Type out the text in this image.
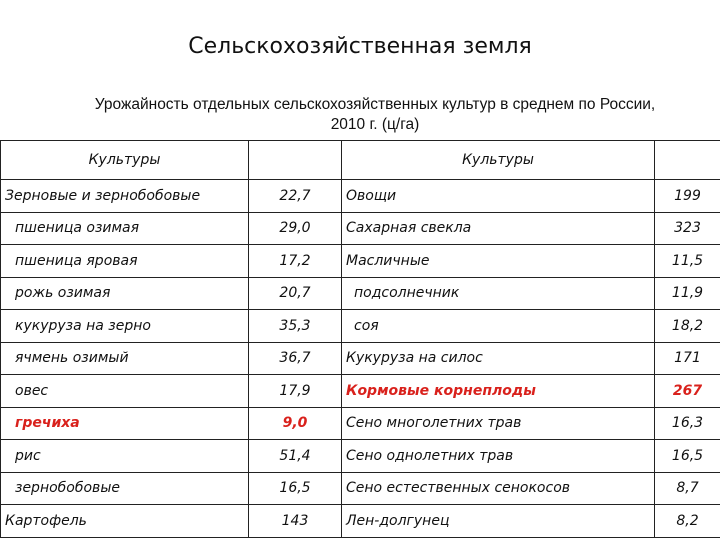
Сельскохозяйственная земля
Урожайность отдельных сельскохозяйственных культур в среднем по России,
2010 г. (ц/га)
Культуры		Культуры	
Зерновые и зернобобовые	22,7	Овощи	199
пшеница озимая	29,0	Сахарная свекла	323
пшеница яровая	17,2	Масличные	11,5
рожь озимая	20,7	подсолнечник	11,9
кукуруза на зерно	35,3	соя	18,2
ячмень озимый	36,7	Кукуруза на силос	171
овес	17,9	Кормовые корнеплоды	267
гречиха	9,0	Сено многолетних трав	16,3
рис	51,4	Сено однолетних трав	16,5
зернобобовые	16,5	Сено естественных сенокосов	8,7
Картофель	143	Лен-долгунец	8,2
